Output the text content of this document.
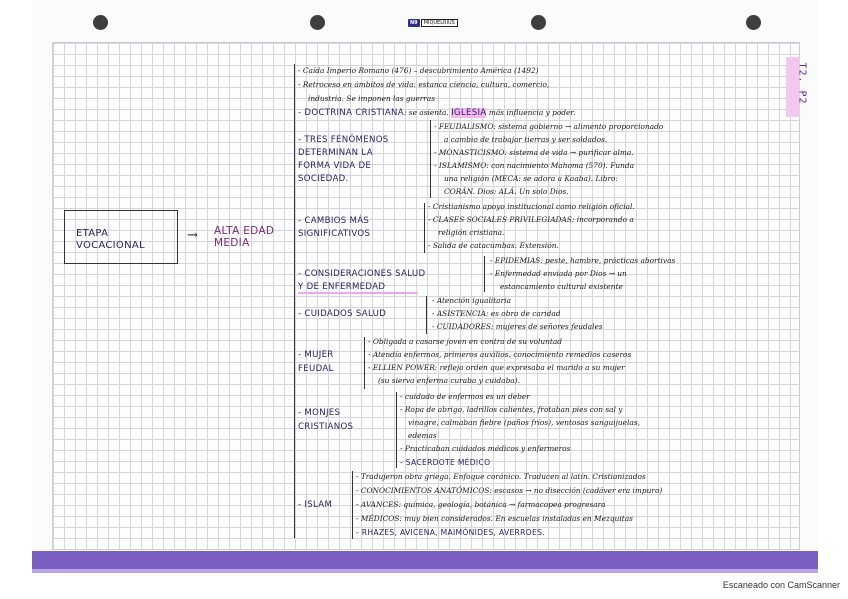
N9	MIQUELRIUS
T2. P2
ETAPA VOCACIONAL
→ ALTA EDAD MEDIA
- Caída Imperio Romano (476) – descubrimiento América (1492)
- Retroceso en ámbitos de vida: estanca ciencia, cultura, comercio,
industria. Se imponen las guerras
- DOCTRINA CRISTIANA: se asienta. IGLESIA más influencia y poder.
- TRES FENÓMENOS
DETERMINAN LA
FORMA VIDA DE
SOCIEDAD.
- FEUDALISMO: sistema gobierno → alimento proporcionado
a cambio de trabajar tierras y ser soldados.
- MONASTICISMO: sistema de vida → purificar alma.
- ISLAMISMO: con nacimiento Mahoma (570). Funda
una religión (MECA: se adora a Kaaba). Libro:
CORÁN. Dios: ALÁ. Un solo Dios.
- CAMBIOS MÁS
SIGNIFICATIVOS
- Cristianismo apoyo institucional como religión oficial.
- CLASES SOCIALES PRIVILEGIADAS: incorporando a
religión cristiana.
- Salida de catacumbas. Extensión.
- CONSIDERACIONES SALUD
Y DE ENFERMEDAD
- EPIDEMIAS: peste, hambre, prácticas abortivas
- Enfermedad enviada por Dios → un
estancamiento cultural existente
- CUIDADOS SALUD
- Atención igualitaria
- ASISTENCIA: es obra de caridad
- CUIDADORES: mujeres de señores feudales
- MUJER
FEUDAL
- Obligada a casarse joven en contra de su voluntad
- Atendía enfermos, primeros auxilios, conocimiento remedios caseros
- ELLIEN POWER: refleja orden que expresaba el marido a su mujer
(su sierva enferma curaba y cuidaba).
- MONJES
CRISTIANOS
- cuidado de enfermos es un deber
- Ropa de abrigo, ladrillos calientes, frotaban pies con sal y
vinagre, calmaban fiebre (paños fríos), ventosas sanguijuelas,
edemas
- Practicaban cuidados médicos y enfermeros
- SACERDOTE MÉDICO
- ISLAM
- Tradujeron obra griega. Enfoque coránico. Traducen al latín. Cristianizados
- CONOCIMIENTOS ANATÓMICOS: escasos → no disección (cadáver era impuro)
- AVANCES: química, geología, botánica → farmacopea progresara
- MÉDICOS: muy bien considerados. En escuelas instaladas en Mezquitas
- RHAZES, AVICENA, MAIMÓNIDES, AVERROES.
Escaneado con CamScanner
